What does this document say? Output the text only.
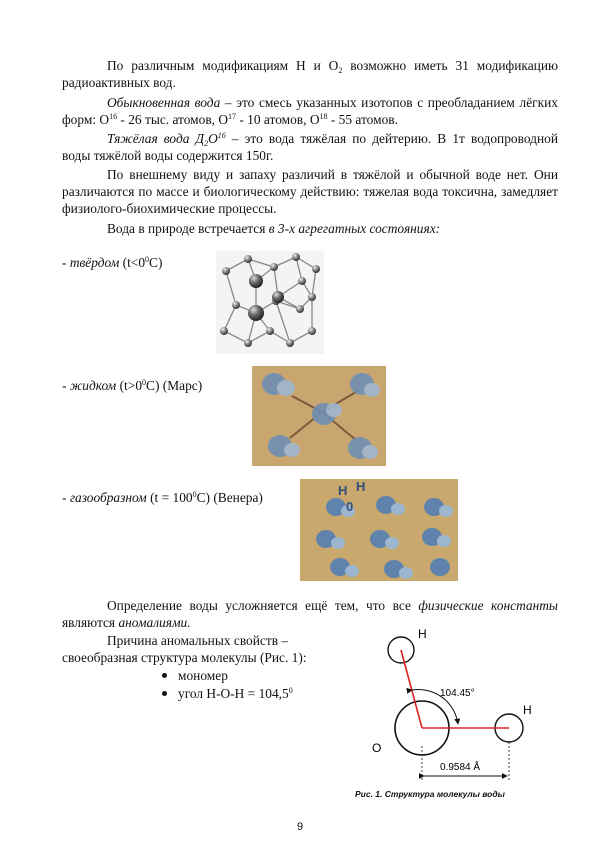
По различным модификациям H и $O_2$ возможно иметь 31 модификацию радиоактивных вод.

Обыкновенная вода – это смесь указанных изотопов с преобладанием лёгких форм: $O^{16} - 26$ тыс. атомов, $O^{17} - 10$ атомов, $O^{18} - 55$ атомов.

Тяжёлая вода $Д_2O^{16}$ – это вода тяжёлая по дейтерию. В 1т водопроводной воды тяжёлой воды содержится 150г.

По внешнему виду и запаху различий в тяжёлой и обычной воде нет. Они различаются по массе и биологическому действию: тяжелая вода токсична, замедляет физиолого-биохимические процессы.

Вода в природе встречается в 3-х агрегатных состояниях:

- твёрдом $(t<0^0C)$
- жидком $(t>0^0C)$ (Марс)
- газообразном $(t = 100^0C)$ (Венера)	H H
0

Определение воды усложняется ещё тем, что все физические константы являются аномалиями.

Причина аномальных свойств – своеобразная структура молекулы (Рис. 1):

мономер
угол $H-O-H = 104,5^0$
H
H
O
104.45°
0.9584 Å
Рис. 1. Структура молекулы воды
9
